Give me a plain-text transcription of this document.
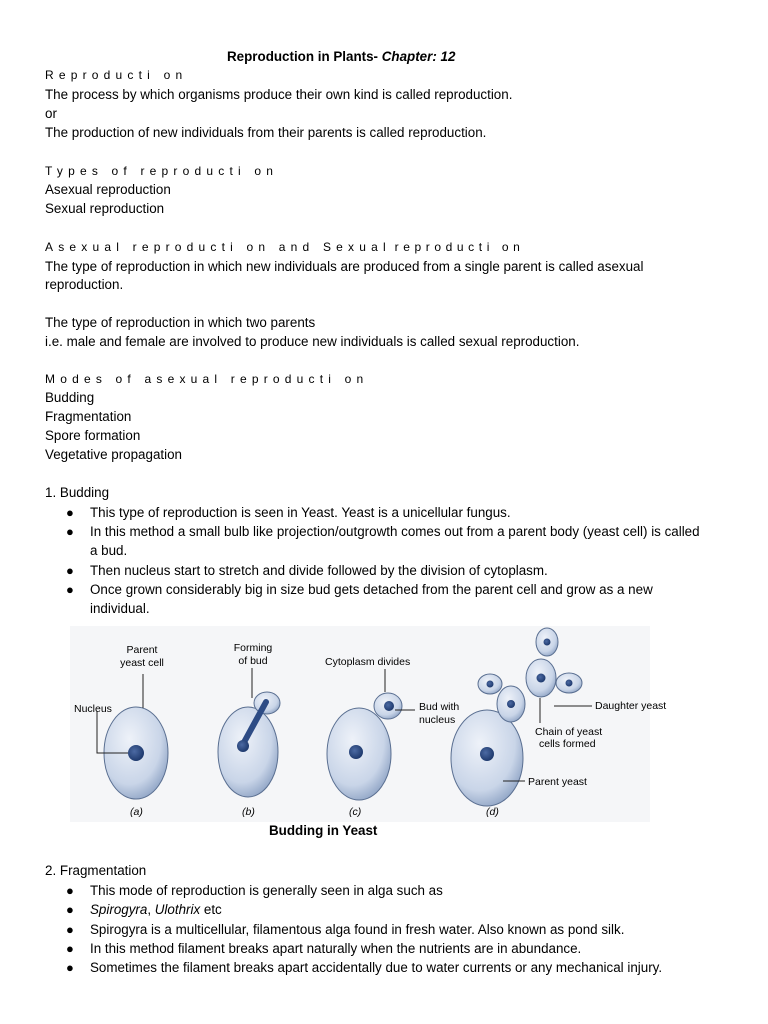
Reproduction in Plants- Chapter: 12
Reproducti on
The process by which organisms produce their own kind is called reproduction.
or
The production of new individuals from their parents is called reproduction.
Types of reproducti on
Asexual reproduction
Sexual reproduction
Asexual reproducti on and Sexual reproducti on
The type of reproduction in which new individuals are produced from a single parent is called asexual
reproduction.
The type of reproduction in which two parents
i.e. male and female are involved to produce new individuals is called sexual reproduction.
Modes of asexual reproducti on
Budding
Fragmentation
Spore formation
Vegetative propagation
1. Budding
● This type of reproduction is seen in Yeast. Yeast is a unicellular fungus.
● In this method a small bulb like projection/outgrowth comes out from a parent body (yeast cell) is called a bud.
● Then nucleus start to stretch and divide followed by the division of cytoplasm.
● Once grown considerably big in size bud gets detached from the parent cell and grow as a new individual.
Parent
yeast cell
Nucleus
(a)
Forming
of bud
(b)
Cytoplasm divides
Bud with
nucleus
(c)
Daughter yeast
Chain of yeast
cells formed
Parent yeast
(d)
Budding in Yeast
2. Fragmentation
● This mode of reproduction is generally seen in alga such as
● Spirogyra, Ulothrix etc
● Spirogyra is a multicellular, filamentous alga found in fresh water. Also known as pond silk.
● In this method filament breaks apart naturally when the nutrients are in abundance.
● Sometimes the filament breaks apart accidentally due to water currents or any mechanical injury.
